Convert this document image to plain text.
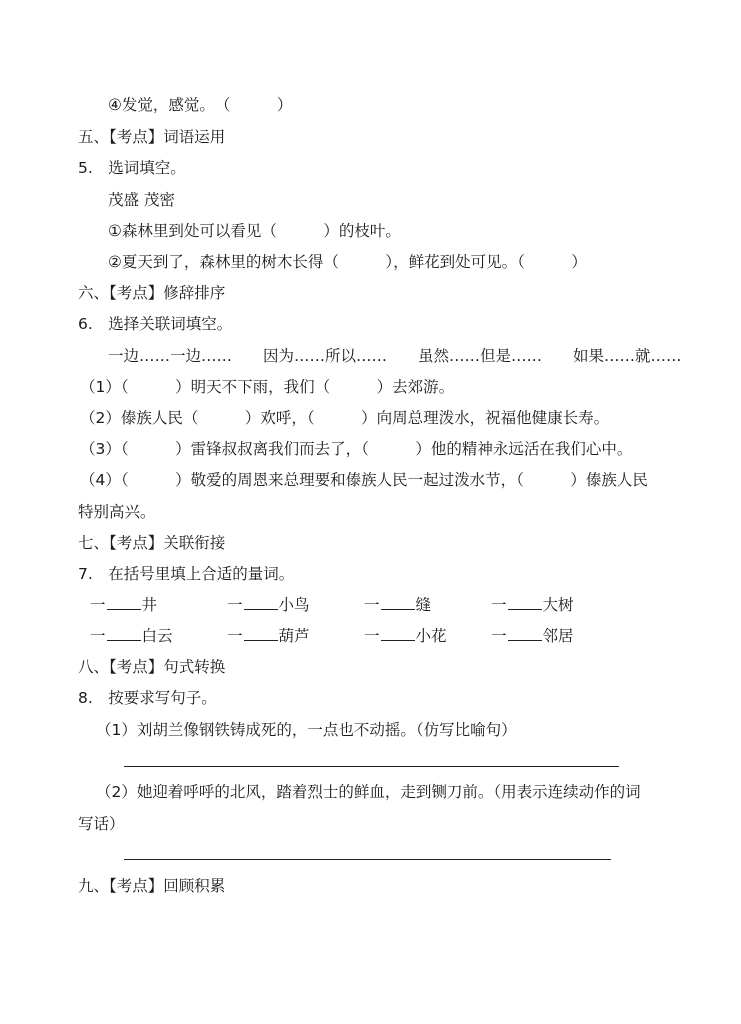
④发觉，感觉。　（　　　）
五、【考点】词语运用
5.　选词填空。
茂盛 茂密
①森林里到处可以看见（　　　）的枝叶。
②夏天到了，森林里的树木长得（　　　），鲜花到处可见。（　　　）
六、【考点】修辞排序
6.　选择关联词填空。
一边……一边……　　因为……所以……　　虽然……但是……　　如果……就……
（1）（　　　）明天不下雨，我们（　　　）去郊游。
（2）傣族人民（　　　）欢呼，（　　　）向周总理泼水，祝福他健康长寿。
（3）（　　　）雷锋叔叔离我们而去了，（　　　）他的精神永远活在我们心中。
（4）（　　　）敬爱的周恩来总理要和傣族人民一起过泼水节，（　　　）傣族人民
特别高兴。
七、【考点】关联衔接
7.　在括号里填上合适的量词。
一 井	一 小鸟	一 缝	一 大树
一 白云	一 葫芦	一 小花	一 邻居
八、【考点】句式转换
8.　按要求写句子。
（1）刘胡兰像钢铁铸成死的，一点也不动摇。（仿写比喻句）
（2）她迎着呼呼的北风，踏着烈士的鲜血，走到铡刀前。（用表示连续动作的词
写话）
九、【考点】回顾积累
